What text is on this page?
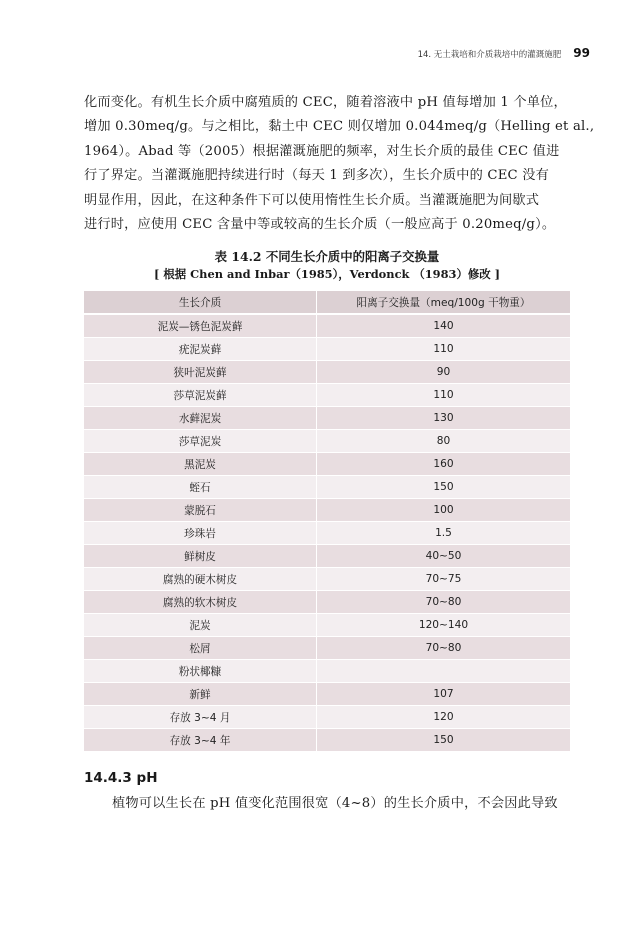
14. 无土栽培和介质栽培中的灌溉施肥 99

化而变化。有机生长介质中腐殖质的 CEC，随着溶液中 pH 值每增加 1 个单位，

增加 0.30meq/g。与之相比，黏土中 CEC 则仅增加 0.044meq/g（Helling et al.,

1964）。Abad 等（2005）根据灌溉施肥的频率，对生长介质的最佳 CEC 值进

行了界定。当灌溉施肥持续进行时（每天 1 到多次），生长介质中的 CEC 没有

明显作用，因此，在这种条件下可以使用惰性生长介质。当灌溉施肥为间歇式

进行时，应使用 CEC 含量中等或较高的生长介质（一般应高于 0.20meq/g）。

表 14.2 不同生长介质中的阳离子交换量
[ 根据 Chen and Inbar（1985），Verdonck （1983）修改 ]
生长介质	阳离子交换量（meq/100g 干物重）
泥炭—锈色泥炭藓	140
疣泥炭藓	110
狭叶泥炭藓	90
莎草泥炭藓	110
水藓泥炭	130
莎草泥炭	80
黑泥炭	160
蛭石	150
蒙脱石	100
珍珠岩	1.5
鲜树皮	40~50
腐熟的硬木树皮	70~75
腐熟的软木树皮	70~80
泥炭	120~140
松屑	70~80
粉状椰糠	
新鲜	107
存放 3~4 月	120
存放 3~4 年	150
14.4.3 pH
植物可以生长在 pH 值变化范围很宽（4~8）的生长介质中，不会因此导致
